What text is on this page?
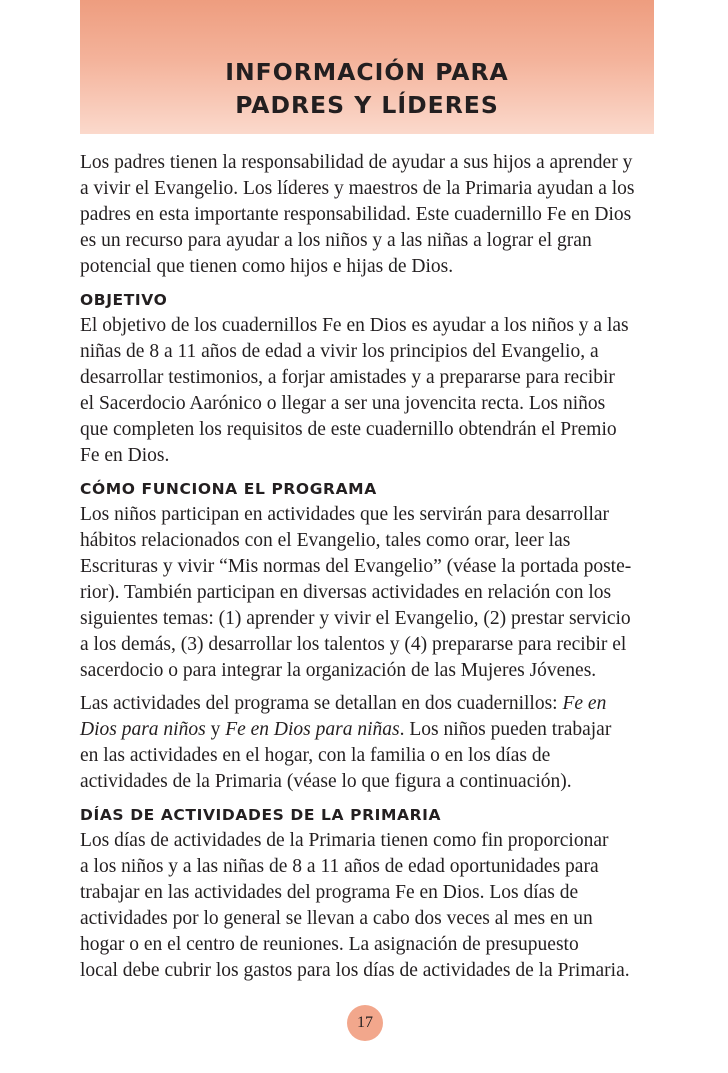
INFORMACIÓN PARA
PADRES Y LÍDERES

Los padres tienen la responsabilidad de ayudar a sus hijos a aprender y
a vivir el Evangelio. Los líderes y maestros de la Primaria ayudan a los
padres en esta importante responsabilidad. Este cuadernillo Fe en Dios
es un recurso para ayudar a los niños y a las niñas a lograr el gran
potencial que tienen como hijos e hijas de Dios.

OBJETIVO

El objetivo de los cuadernillos Fe en Dios es ayudar a los niños y a las
niñas de 8 a 11 años de edad a vivir los principios del Evangelio, a
desarrollar testimonios, a forjar amistades y a prepararse para recibir
el Sacerdocio Aarónico o llegar a ser una jovencita recta. Los niños
que completen los requisitos de este cuadernillo obtendrán el Premio
Fe en Dios.

CÓMO FUNCIONA EL PROGRAMA

Los niños participan en actividades que les servirán para desarrollar
hábitos relacionados con el Evangelio, tales como orar, leer las
Escrituras y vivir “Mis normas del Evangelio” (véase la portada poste-
rior). También participan en diversas actividades en relación con los
siguientes temas: (1) aprender y vivir el Evangelio, (2) prestar servicio
a los demás, (3) desarrollar los talentos y (4) prepararse para recibir el
sacerdocio o para integrar la organización de las Mujeres Jóvenes.

Las actividades del programa se detallan en dos cuadernillos: Fe en
Dios para niños y Fe en Dios para niñas. Los niños pueden trabajar
en las actividades en el hogar, con la familia o en los días de
actividades de la Primaria (véase lo que figura a continuación).

DÍAS DE ACTIVIDADES DE LA PRIMARIA

Los días de actividades de la Primaria tienen como fin proporcionar
a los niños y a las niñas de 8 a 11 años de edad oportunidades para
trabajar en las actividades del programa Fe en Dios. Los días de
actividades por lo general se llevan a cabo dos veces al mes en un
hogar o en el centro de reuniones. La asignación de presupuesto
local debe cubrir los gastos para los días de actividades de la Primaria.

17
